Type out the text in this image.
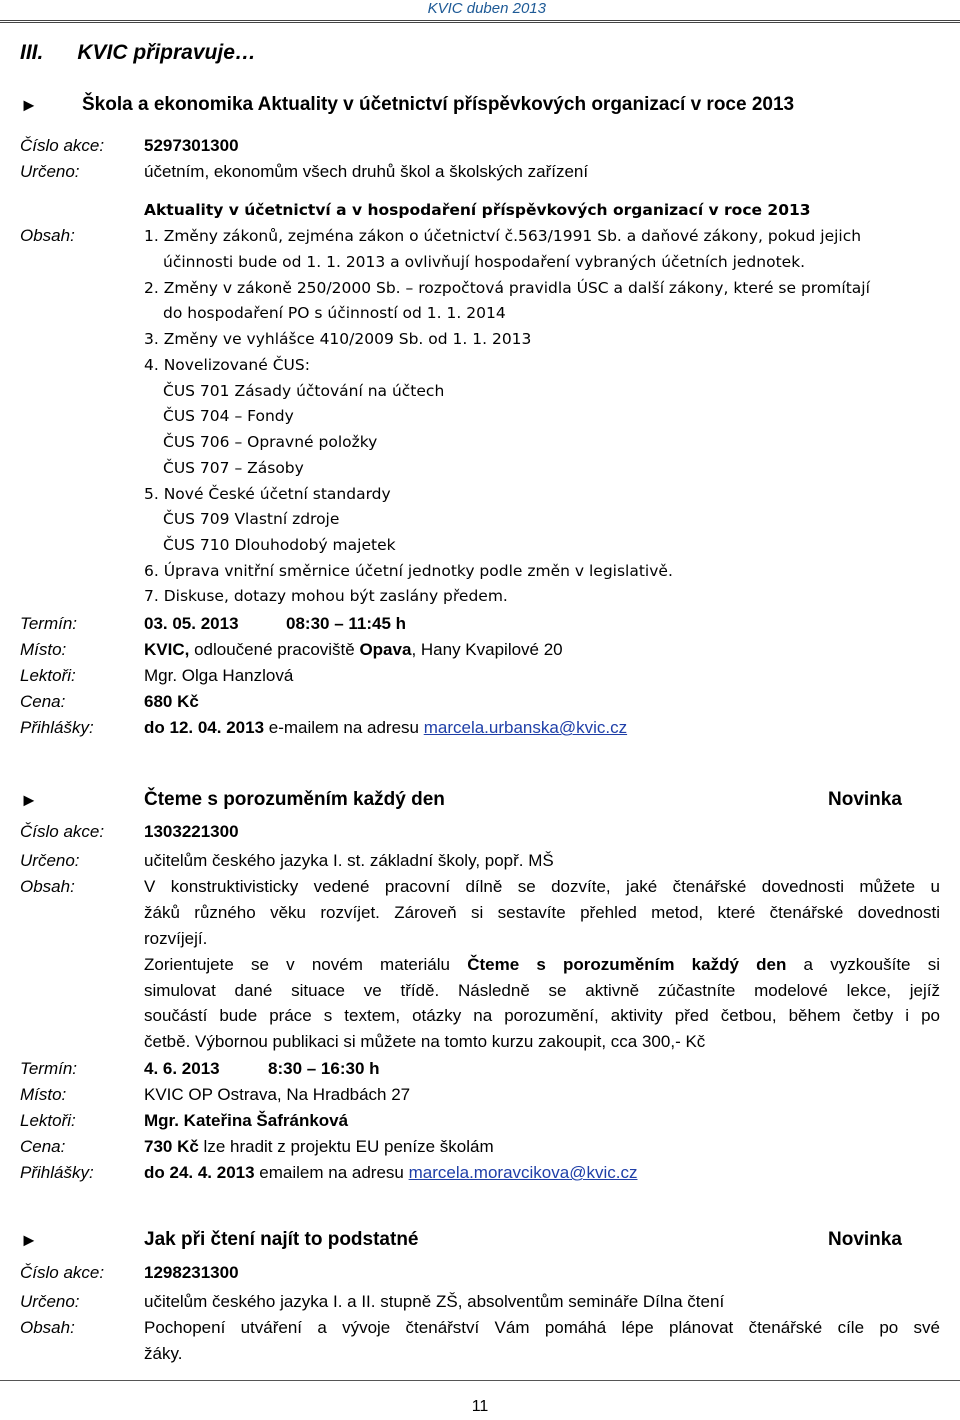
KVIC duben 2013
III. KVIC připravuje…
► Škola a ekonomika Aktuality v účetnictví příspěvkových organizací v roce 2013
Číslo akce: 5297301300
Určeno:	účetním, ekonomům všech druhů škol a školských zařízení
Aktuality v účetnictví a v hospodaření příspěvkových organizací v roce 2013
Obsah:	1. Změny zákonů, zejména zákon o účetnictví č.563/1991 Sb. a daňové zákony, pokud jejich
účinnosti bude od 1. 1. 2013 a ovlivňují hospodaření vybraných účetních jednotek.
2. Změny v zákoně 250/2000 Sb. – rozpočtová pravidla ÚSC a další zákony, které se promítají
do hospodaření PO s účinností od 1. 1. 2014
3. Změny ve vyhlášce 410/2009 Sb. od 1. 1. 2013
4. Novelizované ČUS:
ČUS 701 Zásady účtování na účtech
ČUS 704 – Fondy
ČUS 706 – Opravné položky
ČUS 707 – Zásoby
5. Nové České účetní standardy
ČUS 709 Vlastní zdroje
ČUS 710 Dlouhodobý majetek
6. Úprava vnitřní směrnice účetní jednotky podle změn v legislativě.
7. Diskuse, dotazy mohou být zaslány předem.
Termín:	03. 05. 2013	08:30 – 11:45 h
Místo:	KVIC, odloučené pracoviště Opava, Hany Kvapilové 20
Lektoři:	Mgr. Olga Hanzlová
Cena:	680 Kč
Přihlášky:	do 12. 04. 2013 e-mailem na adresu marcela.urbanska@kvic.cz
►	Čteme s porozuměním každý den	Novinka
Číslo akce: 1303221300
Určeno:	učitelům českého jazyka I. st. základní školy, popř. MŠ
Obsah:	V konstruktivisticky vedené pracovní dílně se dozvíte, jaké čtenářské dovednosti můžete u
žáků různého věku rozvíjet. Zároveň si sestavíte přehled metod, které čtenářské dovednosti
rozvíjejí.
Zorientujete se v novém materiálu Čteme s porozuměním každý den a vyzkoušíte si
simulovat dané situace ve třídě. Následně se aktivně zúčastníte modelové lekce, jejíž
součástí bude práce s textem, otázky na porozumění, aktivity před četbou, během četby i po
četbě. Výbornou publikaci si můžete na tomto kurzu zakoupit, cca 300,- Kč
Termín:	4. 6. 2013	8:30 – 16:30 h
Místo:	KVIC OP Ostrava, Na Hradbách 27
Lektoři:	Mgr. Kateřina Šafránková
Cena:	730 Kč lze hradit z projektu EU peníze školám
Přihlášky:	do 24. 4. 2013 emailem na adresu marcela.moravcikova@kvic.cz
►	Jak při čtení najít to podstatné	Novinka
Číslo akce: 1298231300
Určeno:	učitelům českého jazyka I. a II. stupně ZŠ, absolventům semináře Dílna čtení
Obsah:	Pochopení utváření a vývoje čtenářství Vám pomáhá lépe plánovat čtenářské cíle po své
žáky.
11
